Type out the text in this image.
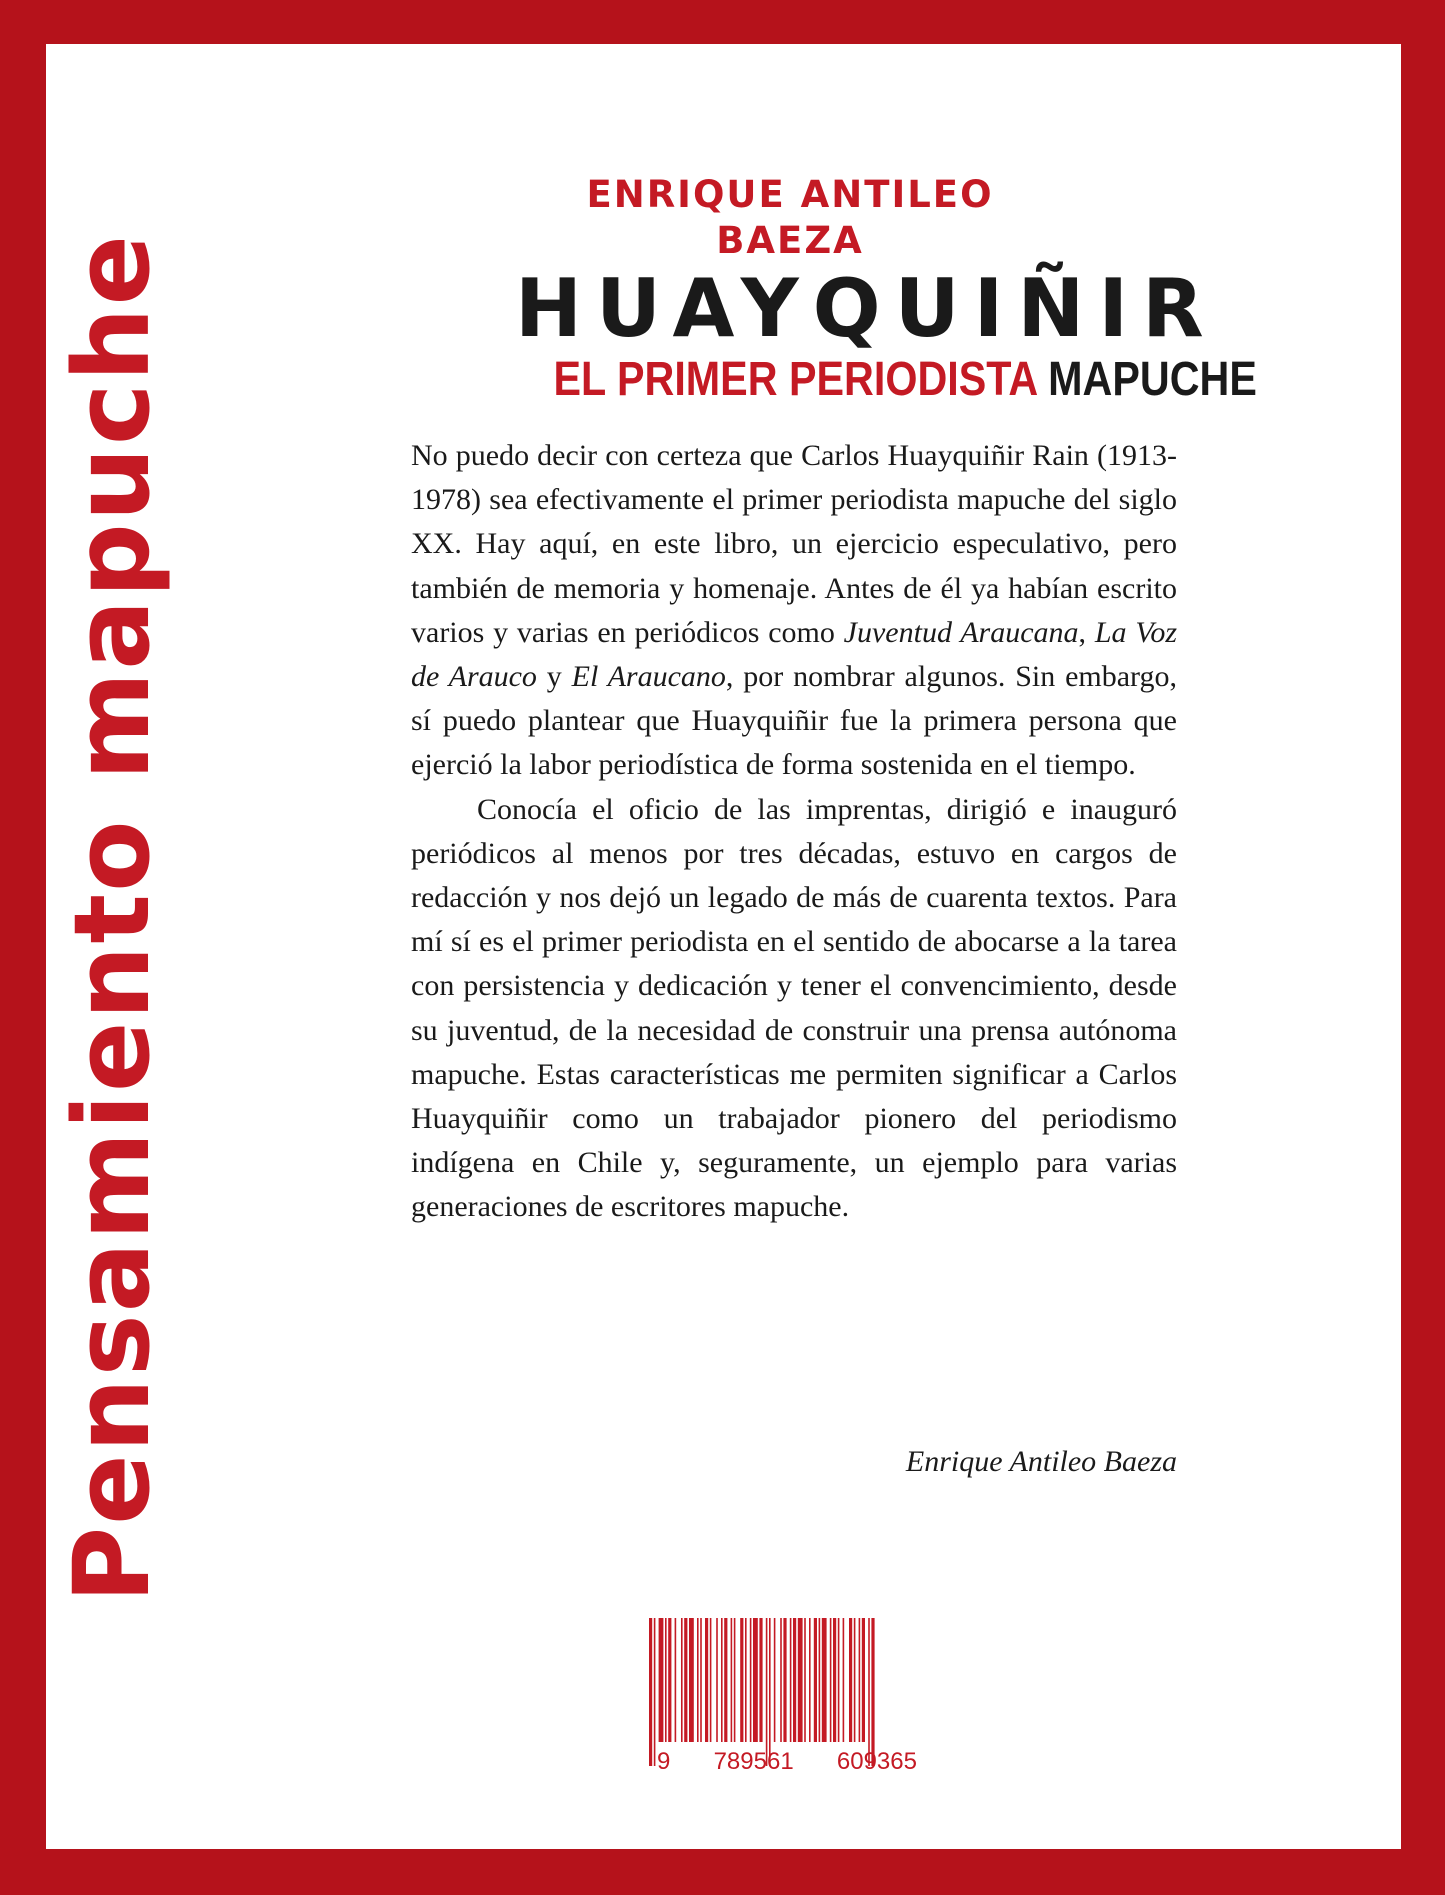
Pensamiento mapuche
ENRIQUE ANTILEO BAEZA
HUAYQUIÑIR
EL PRIMER PERIODISTA MAPUCHE

No puedo decir con certeza que Carlos Huayquiñir Rain (1913-1978) sea efectivamente el primer periodista mapuche del siglo XX. Hay aquí, en este libro, un ejercicio especulativo, pero también de memoria y homenaje. Antes de él ya habían escrito varios y varias en periódicos como Juventud Araucana, La Voz de Arauco y El Araucano, por nombrar algunos. Sin embargo, sí puedo plantear que Huayquiñir fue la primera persona que ejerció la labor periodística de forma sostenida en el tiempo.

Conocía el oficio de las imprentas, dirigió e inauguró periódicos al menos por tres décadas, estuvo en cargos de redacción y nos dejó un legado de más de cuarenta textos. Para mí sí es el primer periodista en el sentido de abocarse a la tarea con persistencia y dedicación y tener el convencimiento, desde su juventud, de la necesidad de construir una prensa autónoma mapuche. Estas características me permiten significar a Carlos Huayquiñir como un trabajador pionero del periodismo indígena en Chile y, seguramente, un ejemplo para varias generaciones de escritores mapuche.

Enrique Antileo Baeza
9 789561 609365
